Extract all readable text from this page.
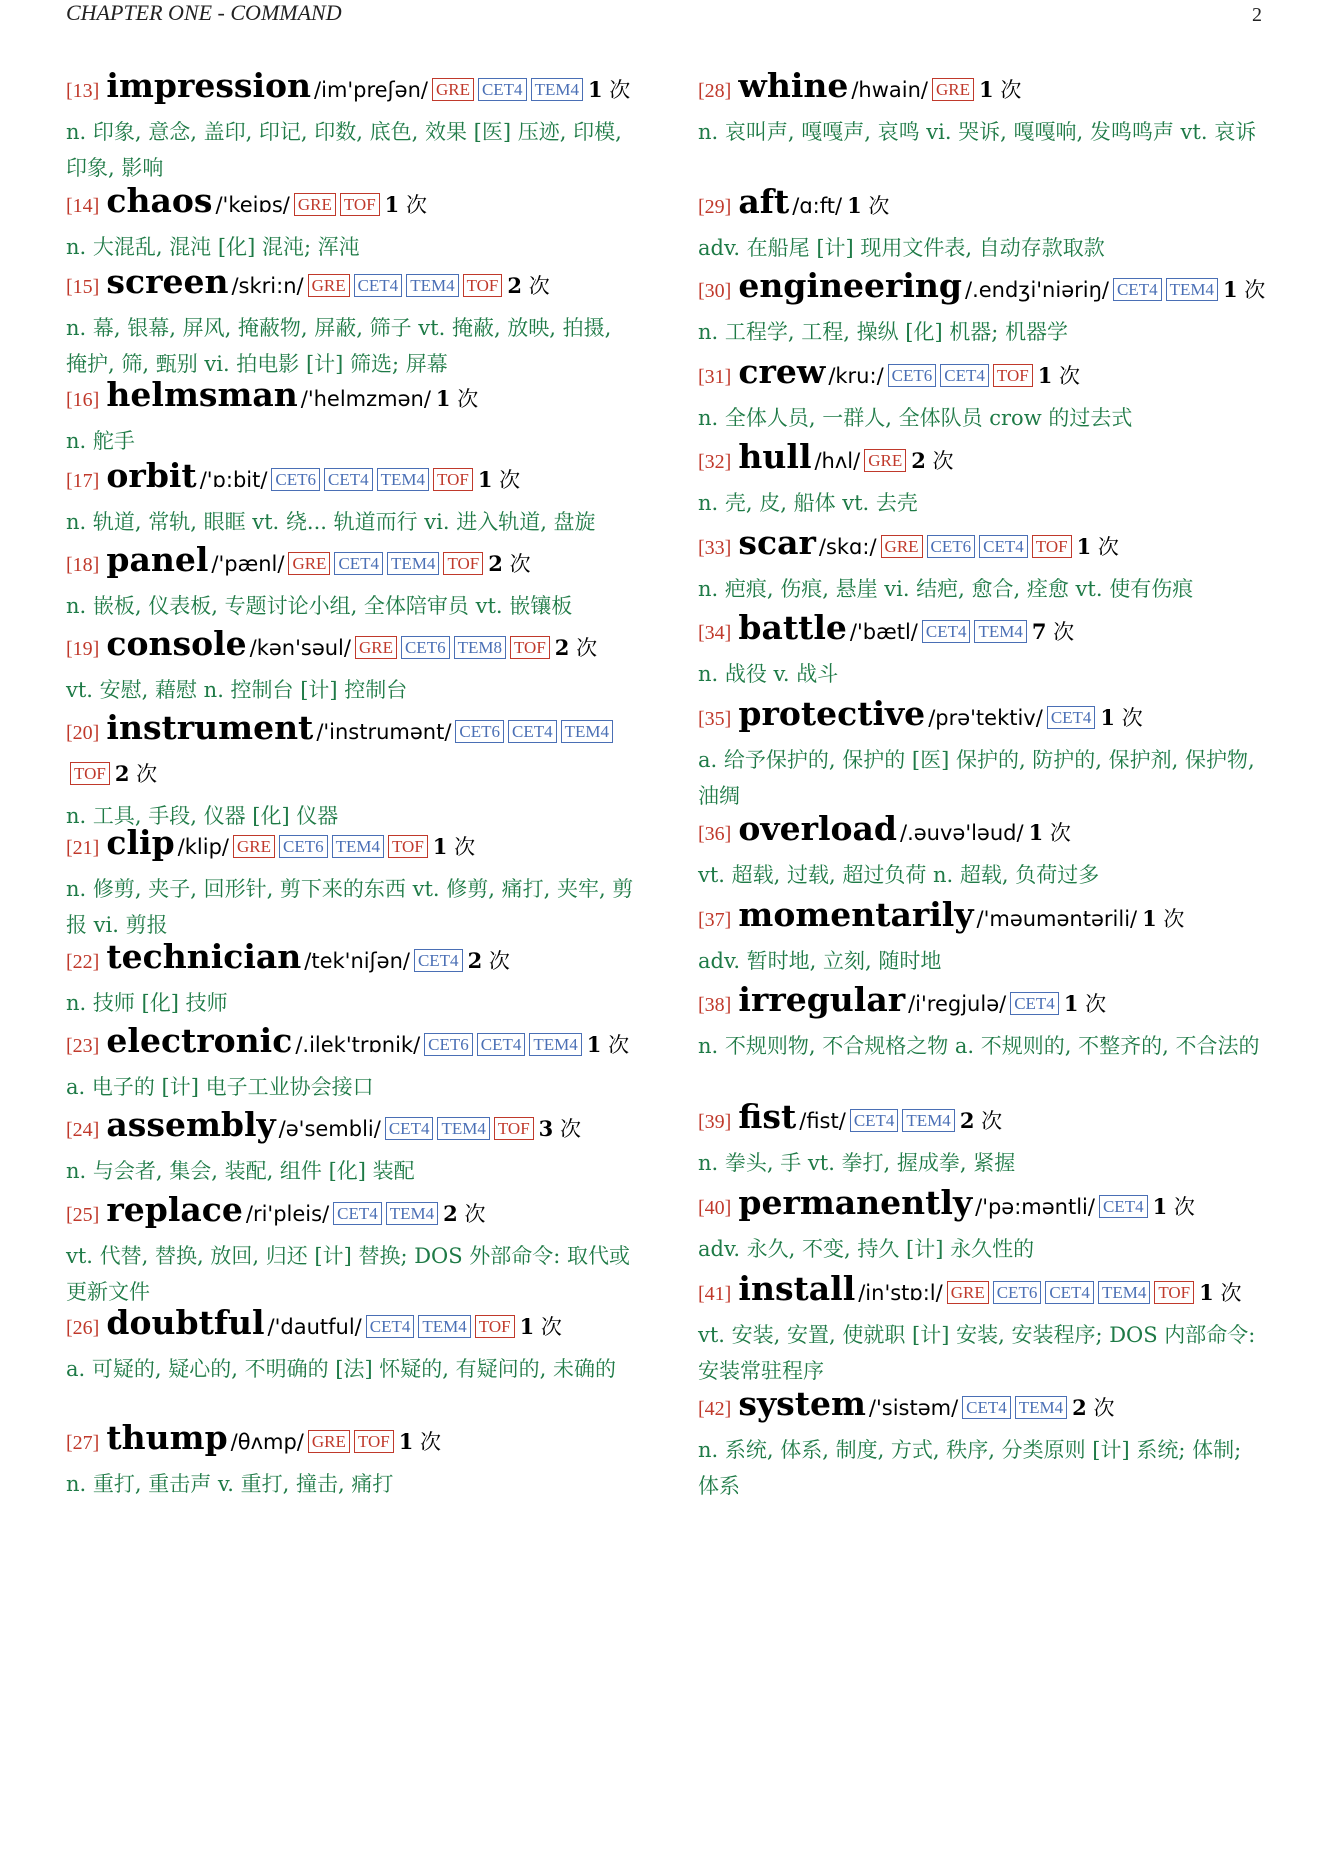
CHAPTER ONE - COMMAND	2
[13] impression /im'preʃən/ GRE CET4 TEM4 1 次
n. 印象, 意念, 盖印, 印记, 印数, 底色, 效果 [医] 压迹, 印模, 印象, 影响
[14] chaos /'keiɒs/ GRE TOF 1 次
n. 大混乱, 混沌 [化] 混沌; 浑沌
[15] screen /skri:n/ GRE CET4 TEM4 TOF 2 次
n. 幕, 银幕, 屏风, 掩蔽物, 屏蔽, 筛子 vt. 掩蔽, 放映, 拍摄, 掩护, 筛, 甄别 vi. 拍电影 [计] 筛选; 屏幕
[16] helmsman /'helmzmən/ 1 次
n. 舵手
[17] orbit /'ɒ:bit/ CET6 CET4 TEM4 TOF 1 次
n. 轨道, 常轨, 眼眶 vt. 绕... 轨道而行 vi. 进入轨道, 盘旋
[18] panel /'pænl/ GRE CET4 TEM4 TOF 2 次
n. 嵌板, 仪表板, 专题讨论小组, 全体陪审员 vt. 嵌镶板
[19] console /kən'səul/ GRE CET6 TEM8 TOF 2 次
vt. 安慰, 藉慰 n. 控制台 [计] 控制台
[20] instrument /'instrumənt/ CET6 CET4 TEM4TOF 2 次
n. 工具, 手段, 仪器 [化] 仪器
[21] clip /klip/ GRE CET6 TEM4 TOF 1 次
n. 修剪, 夹子, 回形针, 剪下来的东西 vt. 修剪, 痛打, 夹牢, 剪报 vi. 剪报
[22] technician /tek'niʃən/ CET4 2 次
n. 技师 [化] 技师
[23] electronic /.ilek'trɒnik/ CET6 CET4 TEM4 1 次
a. 电子的 [计] 电子工业协会接口
[24] assembly /ə'sembli/ CET4 TEM4 TOF 3 次
n. 与会者, 集会, 装配, 组件 [化] 装配
[25] replace /ri'pleis/ CET4 TEM4 2 次
vt. 代替, 替换, 放回, 归还 [计] 替换; DOS 外部命令: 取代或更新文件
[26] doubtful /'dautful/ CET4 TEM4 TOF 1 次
a. 可疑的, 疑心的, 不明确的 [法] 怀疑的, 有疑问的, 未确的
[27] thump /θʌmp/ GRE TOF 1 次
n. 重打, 重击声 v. 重打, 撞击, 痛打
[28] whine /hwain/ GRE 1 次
n. 哀叫声, 嘎嘎声, 哀鸣 vi. 哭诉, 嘎嘎响, 发鸣鸣声 vt. 哀诉
[29] aft /ɑ:ft/ 1 次
adv. 在船尾 [计] 现用文件表, 自动存款取款
[30] engineering /.endʒi'niəriŋ/ CET4 TEM4 1 次
n. 工程学, 工程, 操纵 [化] 机器; 机器学
[31] crew /kru:/ CET6 CET4 TOF 1 次
n. 全体人员, 一群人, 全体队员 crow 的过去式
[32] hull /hʌl/ GRE 2 次
n. 壳, 皮, 船体 vt. 去壳
[33] scar /skɑ:/ GRE CET6 CET4 TOF 1 次
n. 疤痕, 伤痕, 悬崖 vi. 结疤, 愈合, 痊愈 vt. 使有伤痕
[34] battle /'bætl/ CET4 TEM4 7 次
n. 战役 v. 战斗
[35] protective /prə'tektiv/ CET4 1 次
a. 给予保护的, 保护的 [医] 保护的, 防护的, 保护剂, 保护物, 油绸
[36] overload /.əuvə'ləud/ 1 次
vt. 超载, 过载, 超过负荷 n. 超载, 负荷过多
[37] momentarily /'məuməntərili/ 1 次
adv. 暂时地, 立刻, 随时地
[38] irregular /i'regjulə/ CET4 1 次
n. 不规则物, 不合规格之物 a. 不规则的, 不整齐的, 不合法的
[39] fist /fist/ CET4 TEM4 2 次
n. 拳头, 手 vt. 拳打, 握成拳, 紧握
[40] permanently /'pə:məntli/ CET4 1 次
adv. 永久, 不变, 持久 [计] 永久性的
[41] install /in'stɒ:l/ GRE CET6 CET4 TEM4 TOF 1 次
vt. 安装, 安置, 使就职 [计] 安装, 安装程序; DOS 内部命令: 安装常驻程序
[42] system /'sistəm/ CET4 TEM4 2 次
n. 系统, 体系, 制度, 方式, 秩序, 分类原则 [计] 系统; 体制; 体系
